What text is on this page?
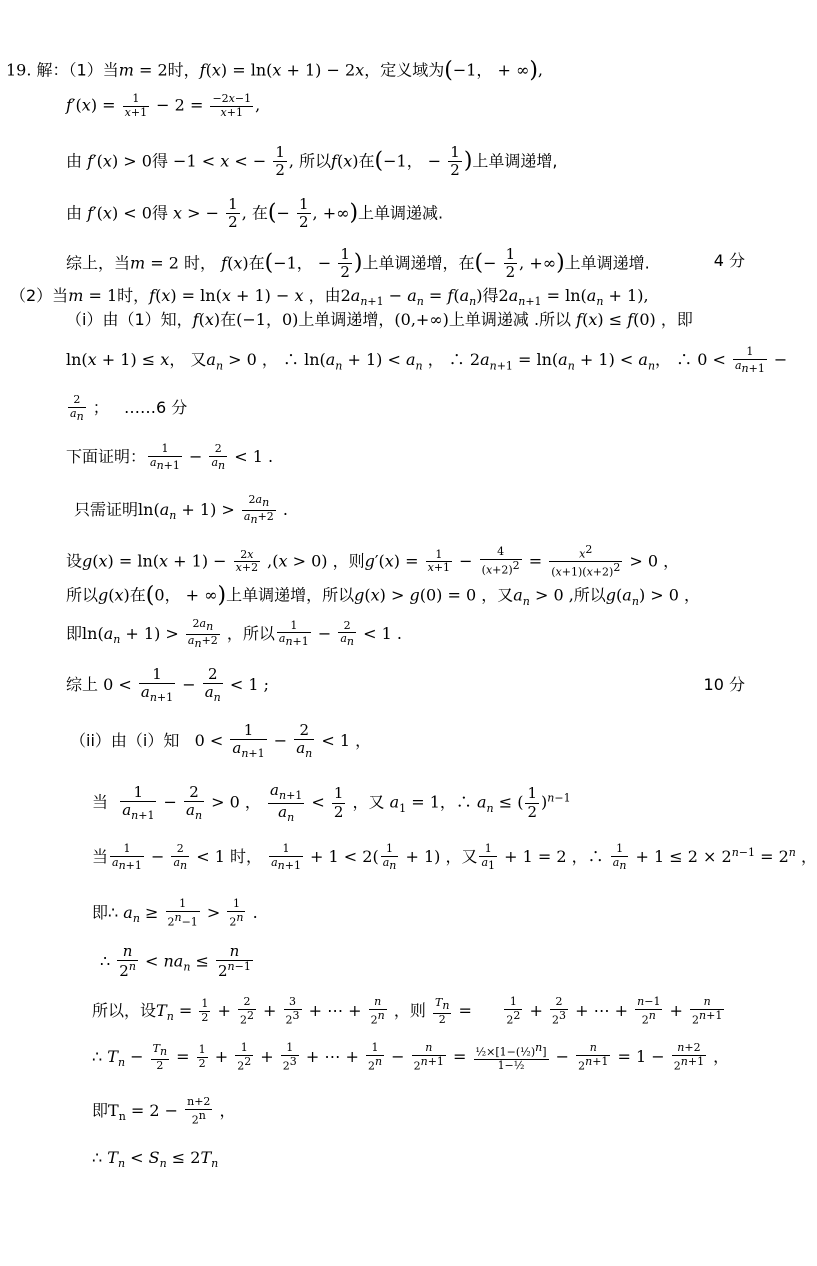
19. 解：（1）当m = 2时，f(x) = ln(x + 1) − 2x，定义域为(−1， + ∞),
$f'(x) = \frac{1}{x+1} - 2 = \frac{-2x-1}{x+1}$ ,
由 f′(x) > 0得 −1 < x < − $\frac{1}{2}$ , 所以f(x)在(−1， − $\frac{1}{2}$ )上单调递增,
由 f′(x) < 0得 x > − $\frac{1}{2}$ , 在(− $\frac{1}{2}$ , +∞)上单调递减.
综上，当m = 2 时， f(x)在(−1， − $\frac{1}{2}$ )上单调递增，在(− $\frac{1}{2}$ , +∞)上单调递增.	4 分
（2）当m = 1时，f(x) = ln(x + 1) − x ，由$2a_{n+1} - a_n = f(a_n)$得$2a_{n+1} = \ln(a_n + 1)$,
（i）由（1）知，f(x)在(−1，0)上单调递增，(0,+∞)上单调递减 .所以 f(x) ≤ f(0) ，即
ln(x + 1) ≤ x， 又$a_n > 0$ ， ∴ $\ln(a_n + 1) < a_n$ ， ∴ $2a_{n+1} = \ln(a_n + 1) < a_n$， ∴ $0 < \frac{1}{a_{n+1}}$ −
$\frac{2}{a_n}$ ；   ……6 分
下面证明： $\frac{1}{a_{n+1}} - \frac{2}{a_n} < 1$ .
只需证明$\ln(a_n + 1) > \frac{2a_n}{a_n+2}$ .
设$g(x) = \ln(x + 1) - \frac{2x}{x+2} ,(x > 0)$ ，则$g'(x) = \frac{1}{x+1} - \frac{4}{(x+2)^2} = \frac{x^2}{(x+1)(x+2)^2} > 0$ ，
所以g(x)在(0， + ∞)上单调递增，所以g(x) > g(0) = 0 ，又$a_n > 0$ ,所以$g(a_n) > 0$ ，
即$\ln(a_n + 1) > \frac{2a_n}{a_n+2}$ ，所以 $\frac{1}{a_{n+1}} - \frac{2}{a_n} < 1$ .
综上 $0 < \frac{1}{a_{n+1}} - \frac{2}{a_n} < 1$ ;	10 分
（ii）由（i）知   $0 < \frac{1}{a_{n+1}} - \frac{2}{a_n} < 1$ ，
当 $\frac{1}{a_{n+1}} - \frac{2}{a_n} > 0$ ， $\frac{a_{n+1}}{a_n} < \frac{1}{2}$ ，又 $a_1 = 1$，∴ $a_n$ ≤ ( $\frac{1}{2} )^{n-1}$
当 $\frac{1}{a_{n+1}} - \frac{2}{a_n} < 1$ 时， $\frac{1}{a_{n+1}} + 1 < 2( \frac{1}{a_n} + 1)$ ，又 $\frac{1}{a_1} + 1 = 2$ ，∴ $\frac{1}{a_n} + 1 \le 2 \times 2^{n-1} = 2^n$ ，
即∴ $a_n \ge \frac{1}{2^n-1} > \frac{1}{2^n}$ .
∴ $\frac{n}{2^n} < na_n \le \frac{n}{2^{n-1}}$
所以，设$T_n = \frac{1}{2} + \frac{2}{2^2} + \frac{3}{2^3}$ + ⋯ + $\frac{n}{2^n}$ ，则 $\frac{T_n}{2} = \frac{1}{2^2} + \frac{2}{2^3}$ + ⋯ + $\frac{n-1}{2^n} + \frac{n}{2^{n+1}}$
∴ $T_n - \frac{T_n}{2} = \frac{1}{2} + \frac{1}{2^2} + \frac{1}{2^3}$ + ⋯ + $\frac{1}{2^n} - \frac{n}{2^{n+1}} = \frac{\frac{1}{2}\times[1-(\frac{1}{2})^n]}{\text{1−½}} - \frac{n}{2^{n+1}} = 1 - \frac{n+2}{2^{n+1}}$ ，
即$T_n = 2 - \frac{n+2}{2^n}$ ，
∴ $T_n < S_n \le 2T_n$
